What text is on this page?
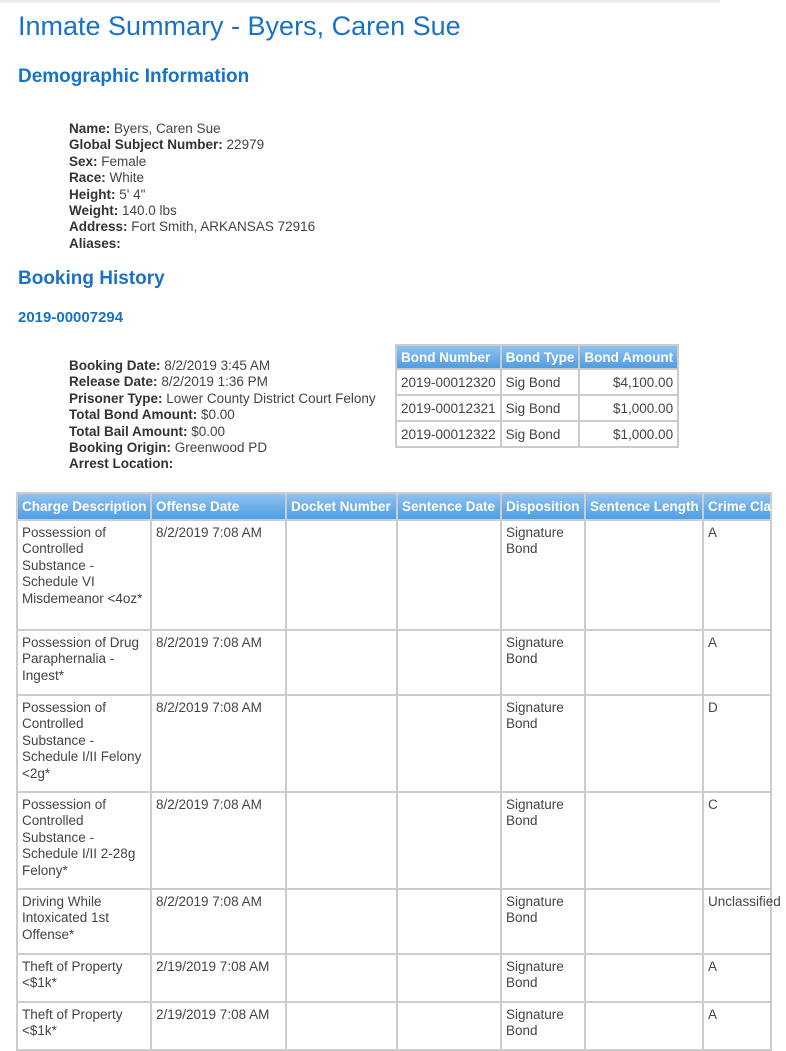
Inmate Summary - Byers, Caren Sue
Demographic Information
Name: Byers, Caren Sue
Global Subject Number: 22979
Sex: Female
Race: White
Height: 5' 4"
Weight: 140.0 lbs
Address: Fort Smith, ARKANSAS 72916
Aliases:
Booking History
2019-00007294
Booking Date: 8/2/2019 3:45 AM
Release Date: 8/2/2019 1:36 PM
Prisoner Type: Lower County District Court Felony
Total Bond Amount: $0.00
Total Bail Amount: $0.00
Booking Origin: Greenwood PD
Arrest Location:
Bond Number	Bond Type	Bond Amount
2019-00012320	Sig Bond	$4,100.00
2019-00012321	Sig Bond	$1,000.00
2019-00012322	Sig Bond	$1,000.00
Charge Description	Offense Date	Docket Number	Sentence Date	Disposition	Sentence Length	Crime Class
Possession of Controlled Substance - Schedule VI Misdemeanor <4oz*	8/2/2019 7:08 AM			Signature Bond		A
Possession of Drug Paraphernalia - Ingest*	8/2/2019 7:08 AM			Signature Bond		A
Possession of Controlled Substance - Schedule I/II Felony <2g*	8/2/2019 7:08 AM			Signature Bond		D
Possession of Controlled Substance - Schedule I/II 2-28g Felony*	8/2/2019 7:08 AM			Signature Bond		C
Driving While Intoxicated 1st Offense*	8/2/2019 7:08 AM			Signature Bond		Unclassified
Theft of Property <$1k*	2/19/2019 7:08 AM			Signature Bond		A
Theft of Property <$1k*	2/19/2019 7:08 AM			Signature Bond		A
